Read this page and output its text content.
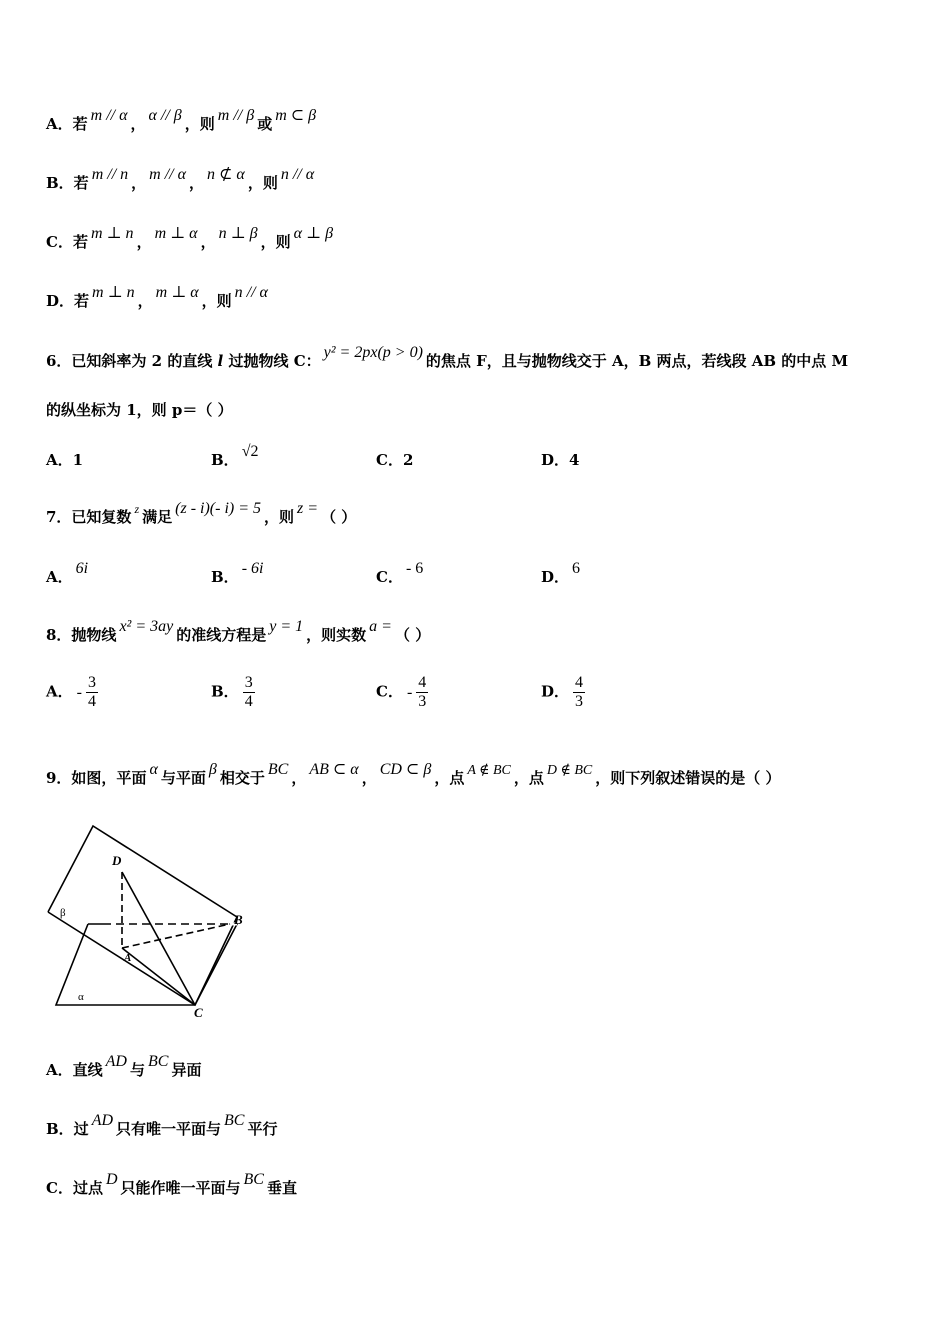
A．若 m // α ， α // β ，则 m // β 或 m ⊂ β
B．若 m // n ， m // α ， n ⊄ α ，则 n // α
C．若 m ⊥ n ， m ⊥ α ， n ⊥ β ，则 α ⊥ β
D．若 m ⊥ n ， m ⊥ α ，则 n // α
6．已知斜率为 2 的直线 l 过抛物线 C： y² = 2px(p > 0) 的焦点 F，且与抛物线交于 A，B 两点，若线段 AB 的中点 M
的纵坐标为 1，则 p＝（ ）
A．1	B． √2	C．2	D．4
7．已知复数 $^z$ 满足 (z - i)(- i) = 5 ，则 z = （ ）
A． 6i	B． - 6i	C． - 6	D． 6
8．抛物线 x² = 3ay 的准线方程是 y = 1 ，则实数 a = （ ）
A． - $\frac{3}{4}$	B． $\frac{3}{4}$	C． - $\frac{4}{3}$	D． $\frac{4}{3}$
9．如图，平面 α 与平面 β 相交于 BC ， AB ⊂ α ， CD ⊂ β ，点 A ∉ BC ，点 D ∉ BC ，则下列叙述错误的是（ ）
D
B
A
C
β
α
A．直线 AD 与 BC 异面
B．过 AD 只有唯一平面与 BC 平行
C．过点 D 只能作唯一平面与 BC 垂直
